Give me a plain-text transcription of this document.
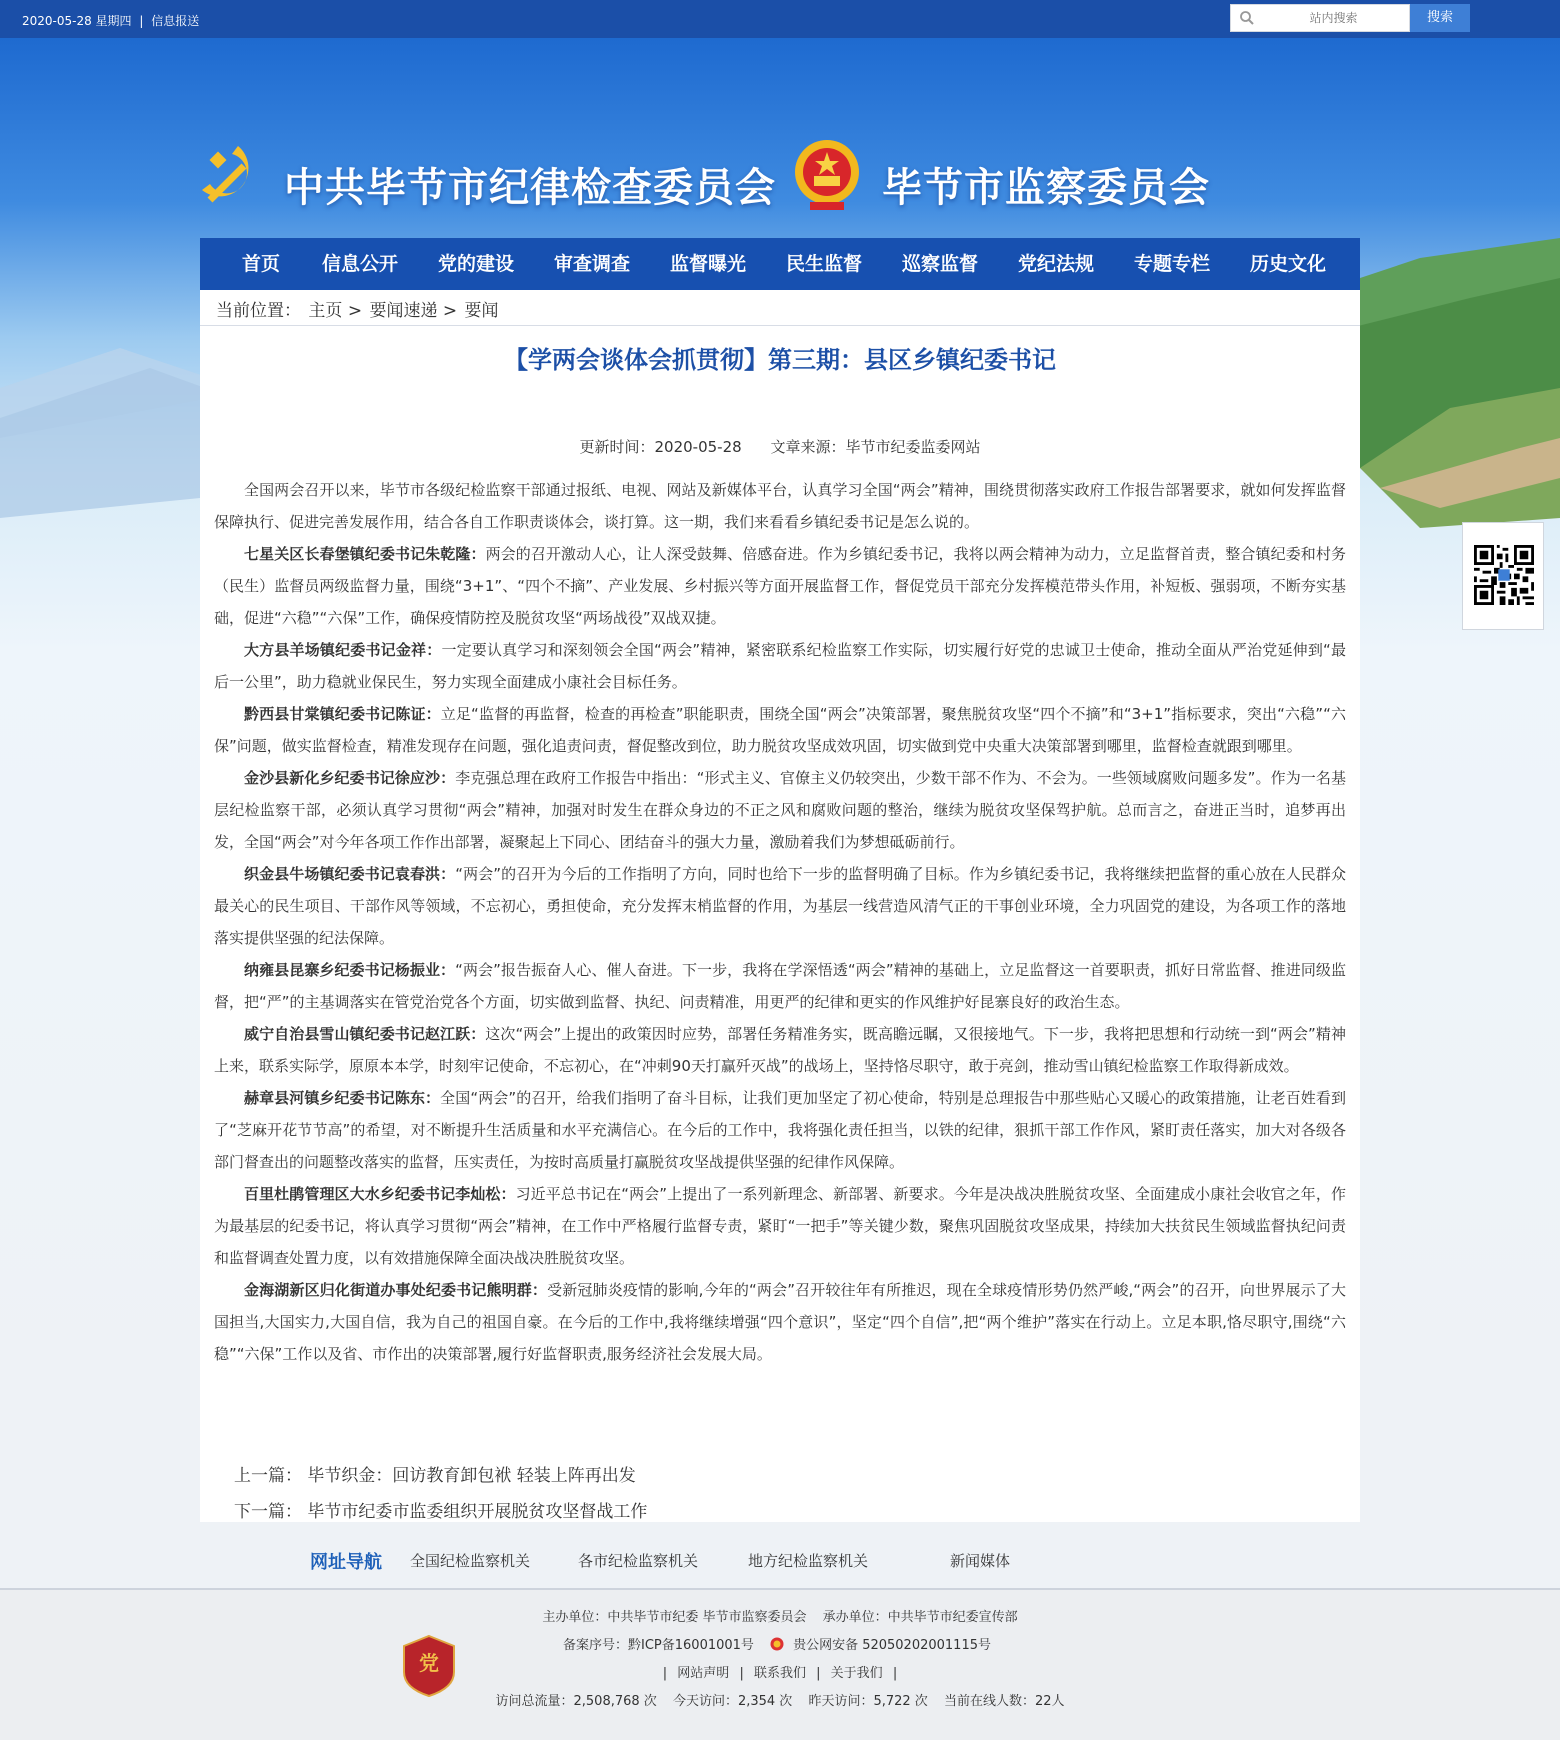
2020-05-28 星期四 | 信息报送
站内搜索	搜索
中共毕节市纪律检查委员会	毕节市监察委员会
首页 信息公开 党的建设 审查调查 监督曝光 民生监督 巡察监督 党纪法规 专题专栏 历史文化
当前位置： 主页 > 要闻速递 > 要闻
【学两会谈体会抓贯彻】第三期：县区乡镇纪委书记
更新时间：2020-05-28 文章来源：毕节市纪委监委网站

全国两会召开以来，毕节市各级纪检监察干部通过报纸、电视、网站及新媒体平台，认真学习全国“两会”精神，围绕贯彻落实政府工作报告部署要求，就如何发挥监督保障执行、促进完善发展作用，结合各自工作职责谈体会，谈打算。这一期，我们来看看乡镇纪委书记是怎么说的。

七星关区长春堡镇纪委书记朱乾隆：两会的召开激动人心，让人深受鼓舞、倍感奋进。作为乡镇纪委书记，我将以两会精神为动力，立足监督首责，整合镇纪委和村务（民生）监督员两级监督力量，围绕“3+1”、“四个不摘”、产业发展、乡村振兴等方面开展监督工作，督促党员干部充分发挥模范带头作用，补短板、强弱项，不断夯实基础，促进“六稳”“六保”工作，确保疫情防控及脱贫攻坚“两场战役”双战双捷。

大方县羊场镇纪委书记金祥：一定要认真学习和深刻领会全国“两会”精神，紧密联系纪检监察工作实际，切实履行好党的忠诚卫士使命，推动全面从严治党延伸到“最后一公里”，助力稳就业保民生，努力实现全面建成小康社会目标任务。

黔西县甘棠镇纪委书记陈证：立足“监督的再监督，检查的再检查”职能职责，围绕全国“两会”决策部署，聚焦脱贫攻坚“四个不摘”和“3+1”指标要求，突出“六稳”“六保”问题，做实监督检查，精准发现存在问题，强化追责问责，督促整改到位，助力脱贫攻坚成效巩固，切实做到党中央重大决策部署到哪里，监督检查就跟到哪里。

金沙县新化乡纪委书记徐应沙：李克强总理在政府工作报告中指出：“形式主义、官僚主义仍较突出，少数干部不作为、不会为。一些领域腐败问题多发”。作为一名基层纪检监察干部，必须认真学习贯彻“两会”精神，加强对时发生在群众身边的不正之风和腐败问题的整治，继续为脱贫攻坚保驾护航。总而言之，奋进正当时，追梦再出发，全国“两会”对今年各项工作作出部署，凝聚起上下同心、团结奋斗的强大力量，激励着我们为梦想砥砺前行。

织金县牛场镇纪委书记袁春洪：“两会”的召开为今后的工作指明了方向，同时也给下一步的监督明确了目标。作为乡镇纪委书记，我将继续把监督的重心放在人民群众最关心的民生项目、干部作风等领域，不忘初心，勇担使命，充分发挥末梢监督的作用，为基层一线营造风清气正的干事创业环境，全力巩固党的建设，为各项工作的落地落实提供坚强的纪法保障。

纳雍县昆寨乡纪委书记杨振业：“两会”报告振奋人心、催人奋进。下一步，我将在学深悟透“两会”精神的基础上，立足监督这一首要职责，抓好日常监督、推进同级监督，把“严”的主基调落实在管党治党各个方面，切实做到监督、执纪、问责精准，用更严的纪律和更实的作风维护好昆寨良好的政治生态。

威宁自治县雪山镇纪委书记赵江跃：这次“两会”上提出的政策因时应势，部署任务精准务实，既高瞻远瞩，又很接地气。下一步，我将把思想和行动统一到“两会”精神上来，联系实际学，原原本本学，时刻牢记使命，不忘初心，在“冲刺90天打赢歼灭战”的战场上，坚持恪尽职守，敢于亮剑，推动雪山镇纪检监察工作取得新成效。

赫章县河镇乡纪委书记陈东：全国“两会”的召开，给我们指明了奋斗目标，让我们更加坚定了初心使命，特别是总理报告中那些贴心又暖心的政策措施，让老百姓看到了“芝麻开花节节高”的希望，对不断提升生活质量和水平充满信心。在今后的工作中，我将强化责任担当，以铁的纪律，狠抓干部工作作风，紧盯责任落实，加大对各级各部门督查出的问题整改落实的监督，压实责任，为按时高质量打赢脱贫攻坚战提供坚强的纪律作风保障。

百里杜鹃管理区大水乡纪委书记李灿松：习近平总书记在“两会”上提出了一系列新理念、新部署、新要求。今年是决战决胜脱贫攻坚、全面建成小康社会收官之年，作为最基层的纪委书记，将认真学习贯彻“两会”精神，在工作中严格履行监督专责，紧盯“一把手”等关键少数，聚焦巩固脱贫攻坚成果，持续加大扶贫民生领域监督执纪问责和监督调查处置力度，以有效措施保障全面决战决胜脱贫攻坚。

金海湖新区归化街道办事处纪委书记熊明群：受新冠肺炎疫情的影响,今年的“两会”召开较往年有所推迟，现在全球疫情形势仍然严峻,“两会”的召开，向世界展示了大国担当,大国实力,大国自信，我为自己的祖国自豪。在今后的工作中,我将继续增强“四个意识”，坚定“四个自信”,把“两个维护”落实在行动上。立足本职,恪尽职守,围绕“六稳”“六保”工作以及省、市作出的决策部署,履行好监督职责,服务经济社会发展大局。

上一篇： 毕节织金：回访教育卸包袱 轻装上阵再出发
下一篇： 毕节市纪委市监委组织开展脱贫攻坚督战工作
网址导航 全国纪检监察机关	各市纪检监察机关	地方纪检监察机关	新闻媒体
党
主办单位：中共毕节市纪委 毕节市监察委员会 承办单位：中共毕节市纪委宣传部
备案序号：黔ICP备16001001号	贵公网安备 52050202001115号
| 网站声明 | 联系我们 | 关于我们 |
访问总流量：2,508,768 次 今天访问：2,354 次 昨天访问：5,722 次 当前在线人数：22人
